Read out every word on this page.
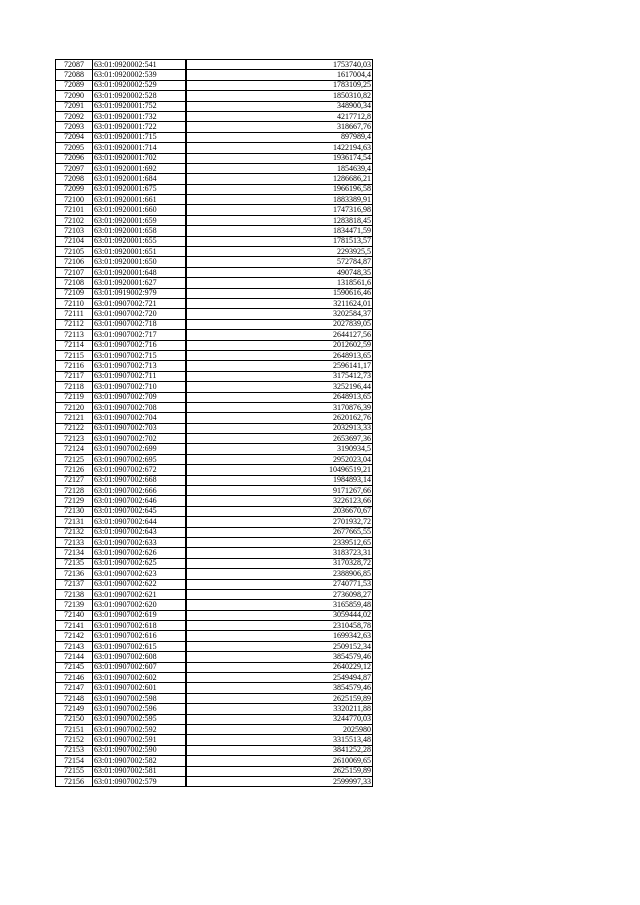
72087	63:01:0920002:541	1753740,03
72088	63:01:0920002:539	1617004,4
72089	63:01:0920002:529	1783109,25
72090	63:01:0920002:528	1850310,82
72091	63:01:0920001:752	348900,34
72092	63:01:0920001:732	4217712,8
72093	63:01:0920001:722	318667,76
72094	63:01:0920001:715	897989,4
72095	63:01:0920001:714	1422194,63
72096	63:01:0920001:702	1936174,54
72097	63:01:0920001:692	1854639,4
72098	63:01:0920001:684	1286686,21
72099	63:01:0920001:675	1966196,58
72100	63:01:0920001:661	1883389,91
72101	63:01:0920001:660	1747316,98
72102	63:01:0920001:659	1283818,45
72103	63:01:0920001:658	1834471,59
72104	63:01:0920001:655	1781513,57
72105	63:01:0920001:651	2293925,5
72106	63:01:0920001:650	572784,87
72107	63:01:0920001:648	490748,35
72108	63:01:0920001:627	1318561,6
72109	63:01:0919002:979	1590616,46
72110	63:01:0907002:721	3211624,01
72111	63:01:0907002:720	3202584,37
72112	63:01:0907002:718	2027839,05
72113	63:01:0907002:717	2644127,56
72114	63:01:0907002:716	2012602,59
72115	63:01:0907002:715	2648913,65
72116	63:01:0907002:713	2596141,17
72117	63:01:0907002:711	3175412,73
72118	63:01:0907002:710	3252196,44
72119	63:01:0907002:709	2648913,65
72120	63:01:0907002:708	3170876,39
72121	63:01:0907002:704	2620162,76
72122	63:01:0907002:703	2032913,33
72123	63:01:0907002:702	2653697,36
72124	63:01:0907002:699	3190934,5
72125	63:01:0907002:695	2952023,04
72126	63:01:0907002:672	10496519,21
72127	63:01:0907002:668	1984893,14
72128	63:01:0907002:666	9171267,66
72129	63:01:0907002:646	3226123,66
72130	63:01:0907002:645	2036670,67
72131	63:01:0907002:644	2701932,72
72132	63:01:0907002:643	2677665,55
72133	63:01:0907002:633	2339512,65
72134	63:01:0907002:626	3183723,31
72135	63:01:0907002:625	3170328,72
72136	63:01:0907002:623	2388906,85
72137	63:01:0907002:622	2740771,53
72138	63:01:0907002:621	2736098,27
72139	63:01:0907002:620	3165859,48
72140	63:01:0907002:619	3059444,02
72141	63:01:0907002:618	2310458,78
72142	63:01:0907002:616	1699342,63
72143	63:01:0907002:615	2509152,34
72144	63:01:0907002:608	3854579,46
72145	63:01:0907002:607	2640229,12
72146	63:01:0907002:602	2549494,87
72147	63:01:0907002:601	3854579,46
72148	63:01:0907002:598	2625159,89
72149	63:01:0907002:596	3320211,88
72150	63:01:0907002:595	3244770,03
72151	63:01:0907002:592	2025980
72152	63:01:0907002:591	3315513,48
72153	63:01:0907002:590	3841252,28
72154	63:01:0907002:582	2610069,65
72155	63:01:0907002:581	2625159,89
72156	63:01:0907002:579	2599997,33
